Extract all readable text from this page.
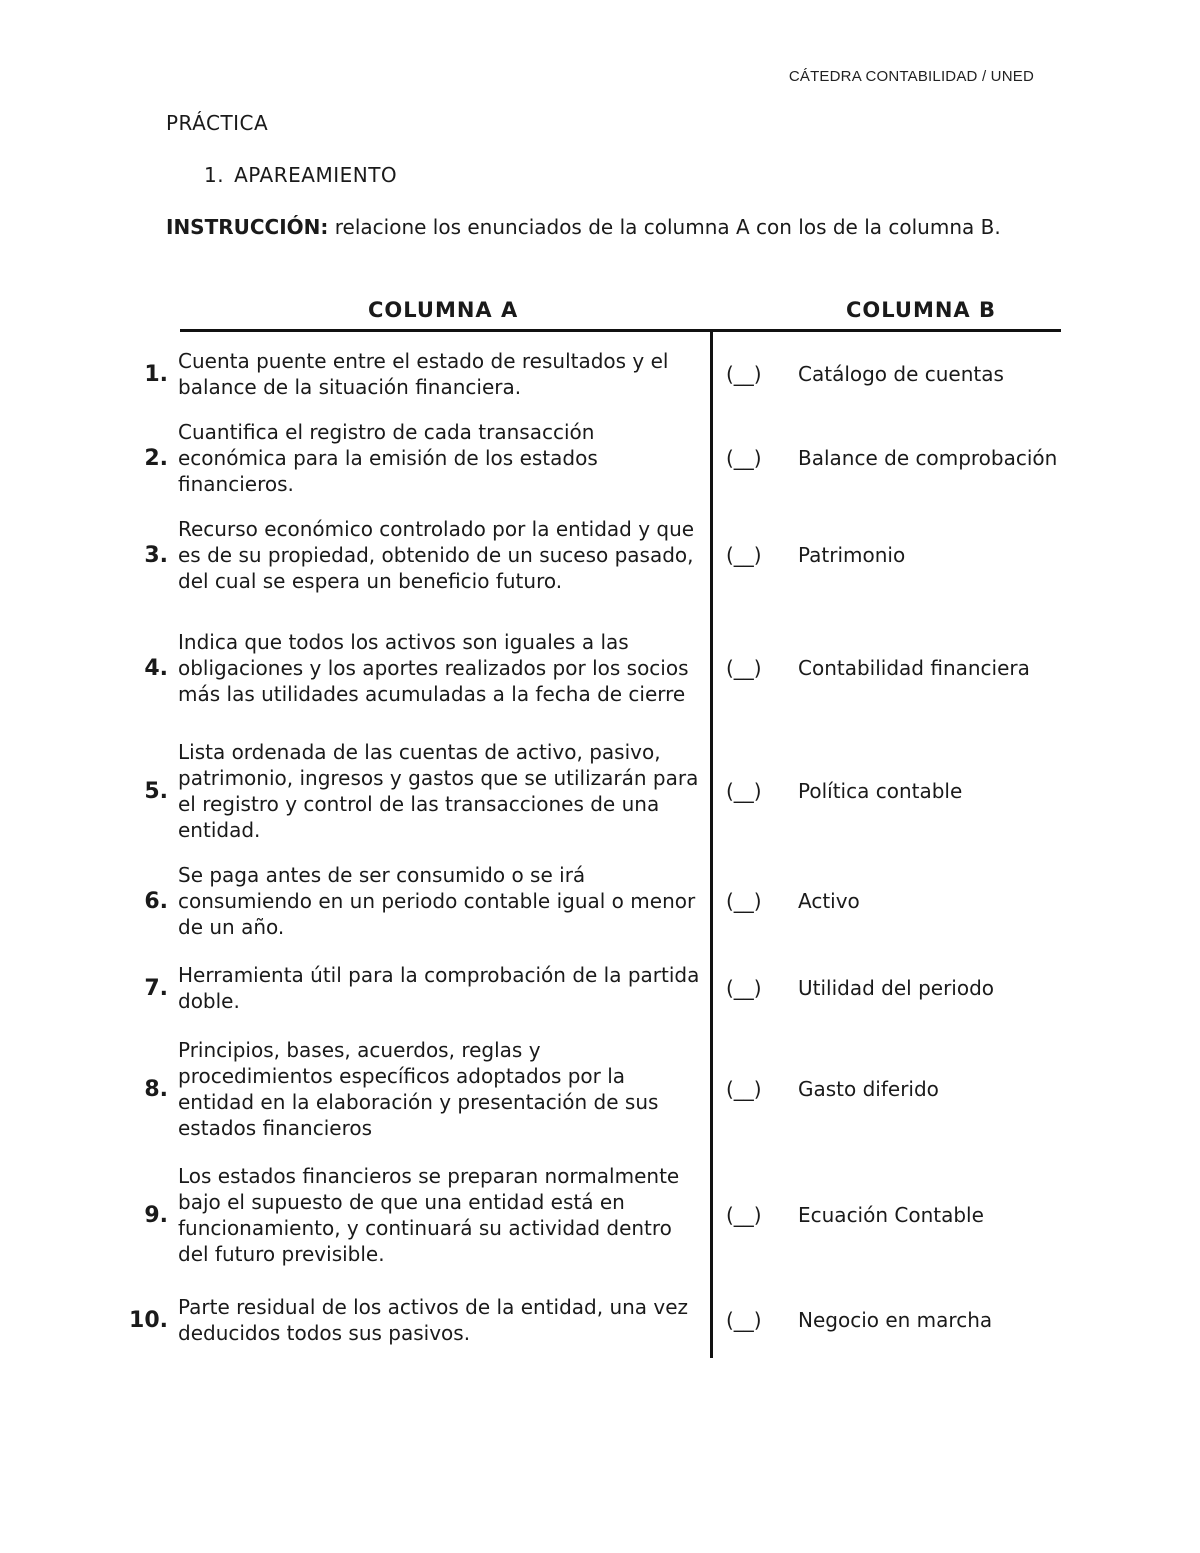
CÁTEDRA CONTABILIDAD / UNED
PRÁCTICA
1. APAREAMIENTO
INSTRUCCIÓN: relacione los enunciados de la columna A con los de la columna B.
COLUMNA A	COLUMNA B
1.
Cuenta puente entre el estado de resultados y el balance de la situación financiera.
(__) Catálogo de cuentas
2.
Cuantifica el registro de cada transacción económica para la emisión de los estados financieros.
(__) Balance de comprobación
3.
Recurso económico controlado por la entidad y que es de su propiedad, obtenido de un suceso pasado, del cual se espera un beneficio futuro.
(__) Patrimonio
4.
Indica que todos los activos son iguales a las obligaciones y los aportes realizados por los socios más las utilidades acumuladas a la fecha de cierre
(__) Contabilidad financiera
5.
Lista ordenada de las cuentas de activo, pasivo, patrimonio, ingresos y gastos que se utilizarán para el registro y control de las transacciones de una entidad.
(__) Política contable
6.
Se paga antes de ser consumido o se irá consumiendo en un periodo contable igual o menor de un año.
(__) Activo
7.
Herramienta útil para la comprobación de la partida doble.
(__) Utilidad del periodo
8.
Principios, bases, acuerdos, reglas y procedimientos específicos adoptados por la entidad en la elaboración y presentación de sus estados financieros
(__) Gasto diferido
9.
Los estados financieros se preparan normalmente bajo el supuesto de que una entidad está en funcionamiento, y continuará su actividad dentro del futuro previsible.
(__) Ecuación Contable
10.
Parte residual de los activos de la entidad, una vez deducidos todos sus pasivos.
(__) Negocio en marcha
